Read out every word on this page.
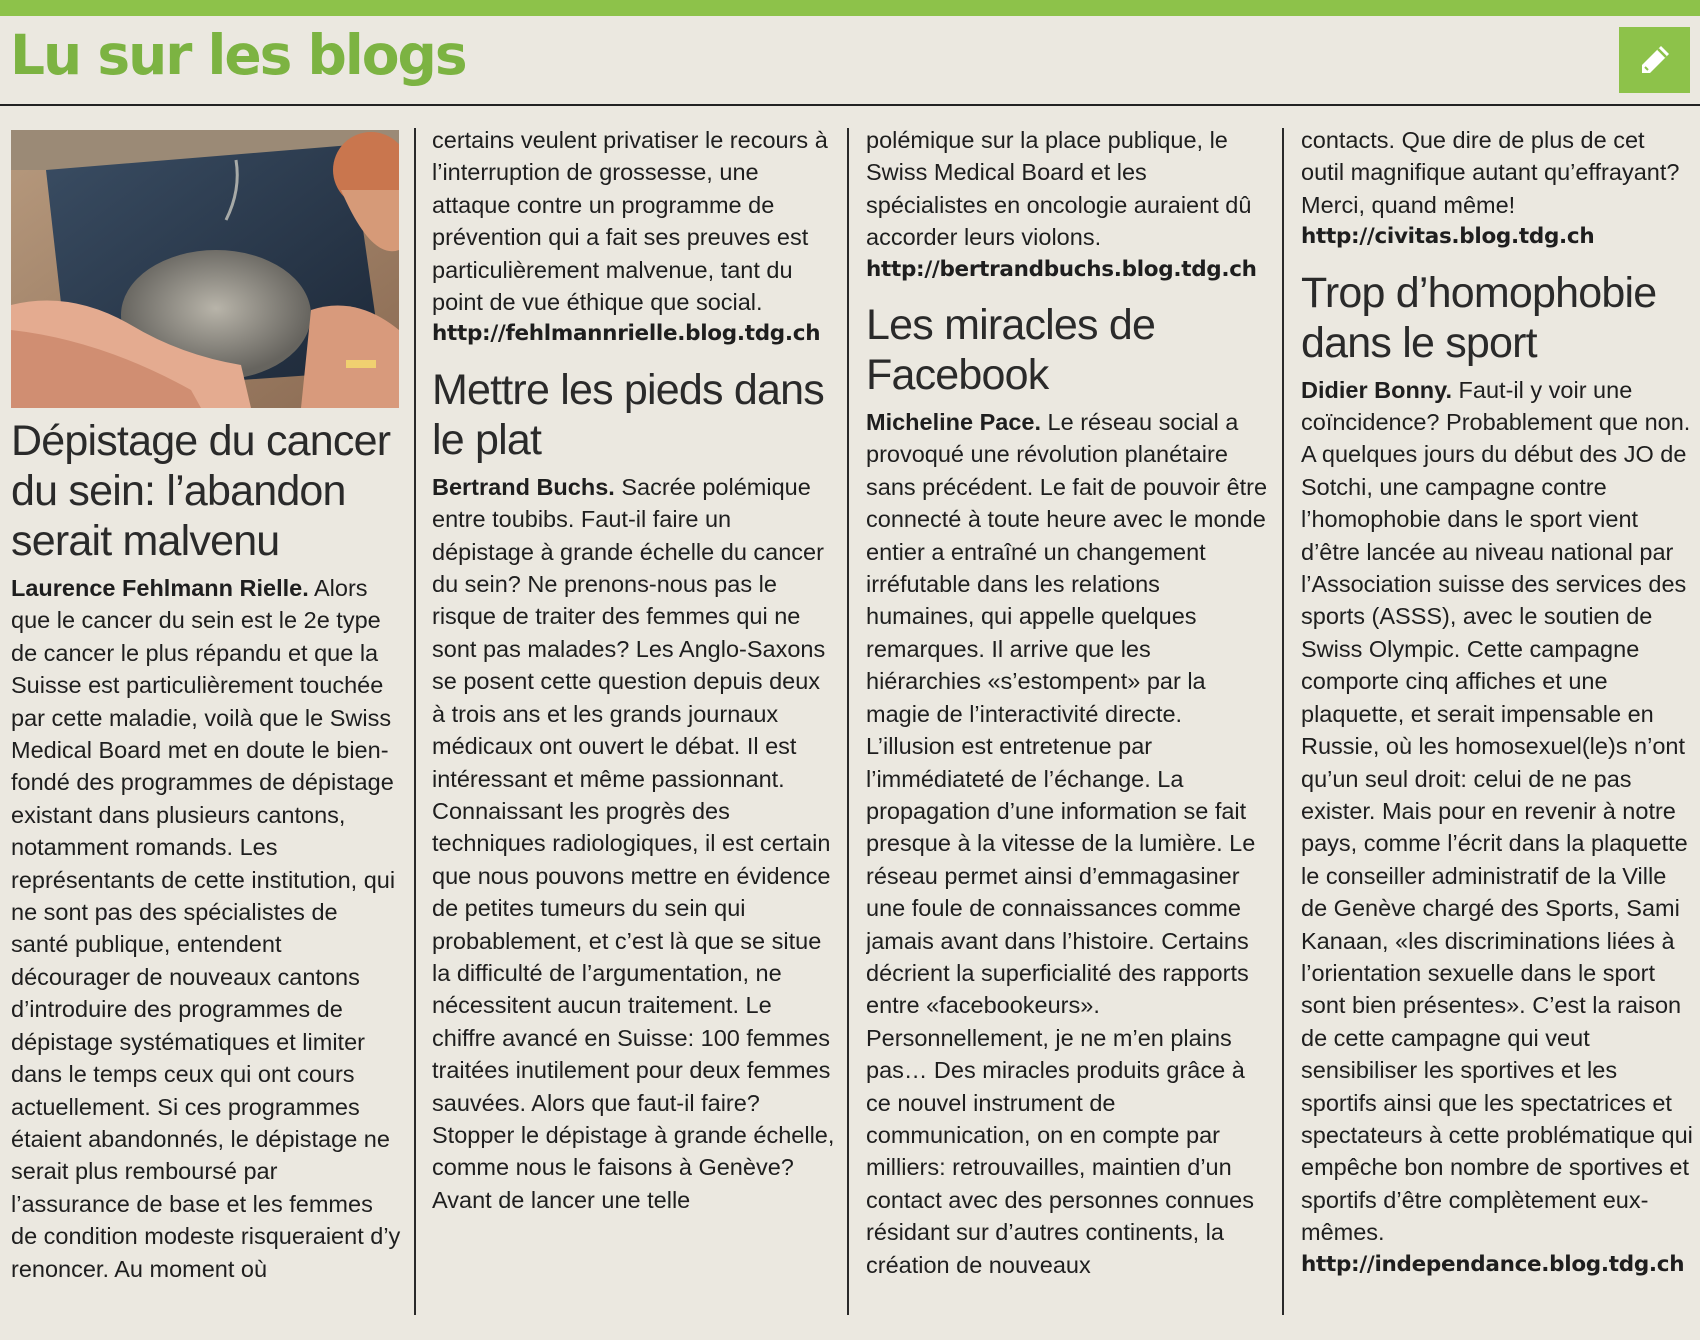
Lu sur les blogs
Dépistage du cancer du sein: l’abandon serait malvenu

Laurence Fehlmann Rielle. Alors que le cancer du sein est le 2e type de cancer le plus répandu et que la Suisse est particulièrement touchée par cette maladie, voilà que le Swiss Medical Board met en doute le bien-fondé des programmes de dépistage existant dans plusieurs cantons, notamment romands. Les représentants de cette institution, qui ne sont pas des spécialistes de santé publique, entendent décourager de nouveaux cantons d’introduire des programmes de dépistage systématiques et limiter dans le temps ceux qui ont cours actuellement. Si ces programmes étaient abandonnés, le dépistage ne serait plus remboursé par l’assurance de base et les femmes de condition modeste risqueraient d’y renoncer. Au moment où

certains veulent privatiser le recours à l’interruption de grossesse, une attaque contre un programme de prévention qui a fait ses preuves est particulièrement malvenue, tant du point de vue éthique que social.

http://fehlmannrielle.blog.tdg.ch
Mettre les pieds dans le plat

Bertrand Buchs. Sacrée polémique entre toubibs. Faut-il faire un dépistage à grande échelle du cancer du sein? Ne prenons-nous pas le risque de traiter des femmes qui ne sont pas malades? Les Anglo-Saxons se posent cette question depuis deux à trois ans et les grands journaux médicaux ont ouvert le débat. Il est intéressant et même passionnant. Connaissant les progrès des techniques radiologiques, il est certain que nous pouvons mettre en évidence de petites tumeurs du sein qui probablement, et c’est là que se situe la difficulté de l’argumentation, ne nécessitent aucun traitement. Le chiffre avancé en Suisse: 100 femmes traitées inutilement pour deux femmes sauvées. Alors que faut-il faire? Stopper le dépistage à grande échelle, comme nous le faisons à Genève? Avant de lancer une telle

polémique sur la place publique, le Swiss Medical Board et les spécialistes en oncologie auraient dû accorder leurs violons.

http://bertrandbuchs.blog.tdg.ch
Les miracles de Facebook

Micheline Pace. Le réseau social a provoqué une révolution planétaire sans précédent. Le fait de pouvoir être connecté à toute heure avec le monde entier a entraîné un changement irréfutable dans les relations humaines, qui appelle quelques remarques. Il arrive que les hiérarchies «s’estompent» par la magie de l’interactivité directe. L’illusion est entretenue par l’immédiateté de l’échange. La propagation d’une information se fait presque à la vitesse de la lumière. Le réseau permet ainsi d’emmagasiner une foule de connaissances comme jamais avant dans l’histoire. Certains décrient la superficialité des rapports entre «facebookeurs». Personnellement, je ne m’en plains pas… Des miracles produits grâce à ce nouvel instrument de communication, on en compte par milliers: retrouvailles, maintien d’un contact avec des personnes connues résidant sur d’autres continents, la création de nouveaux

contacts. Que dire de plus de cet outil magnifique autant qu’effrayant? Merci, quand même!

http://civitas.blog.tdg.ch
Trop d’homophobie dans le sport

Didier Bonny. Faut-il y voir une coïncidence? Probablement que non. A quelques jours du début des JO de Sotchi, une campagne contre l’homophobie dans le sport vient d’être lancée au niveau national par l’Association suisse des services des sports (ASSS), avec le soutien de Swiss Olympic. Cette campagne comporte cinq affiches et une plaquette, et serait impensable en Russie, où les homosexuel(le)s n’ont qu’un seul droit: celui de ne pas exister. Mais pour en revenir à notre pays, comme l’écrit dans la plaquette le conseiller administratif de la Ville de Genève chargé des Sports, Sami Kanaan, «les discriminations liées à l’orientation sexuelle dans le sport sont bien présentes». C’est la raison de cette campagne qui veut sensibiliser les sportives et les sportifs ainsi que les spectatrices et spectateurs à cette problématique qui empêche bon nombre de sportives et sportifs d’être complètement eux-mêmes.

http://independance.blog.tdg.ch
